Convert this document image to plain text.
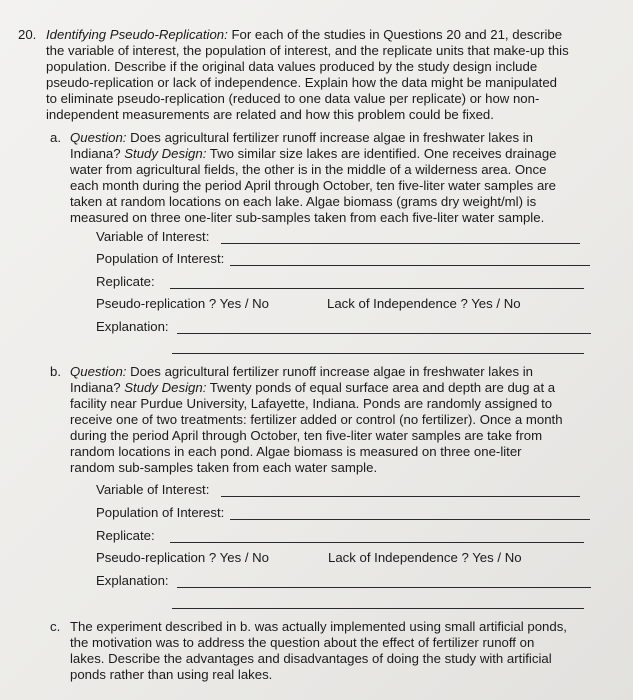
20. Identifying Pseudo-Replication: For each of the studies in Questions 20 and 21, describe
the variable of interest, the population of interest, and the replicate units that make-up this
population. Describe if the original data values produced by the study design include
pseudo-replication or lack of independence. Explain how the data might be manipulated
to eliminate pseudo-replication (reduced to one data value per replicate) or how non-
independent measurements are related and how this problem could be fixed.
a. Question: Does agricultural fertilizer runoff increase algae in freshwater lakes in
Indiana? Study Design: Two similar size lakes are identified. One receives drainage
water from agricultural fields, the other is in the middle of a wilderness area. Once
each month during the period April through October, ten five-liter water samples are
taken at random locations on each lake. Algae biomass (grams dry weight/ml) is
measured on three one-liter sub-samples taken from each five-liter water sample.
Variable of Interest:
Population of Interest:
Replicate:
Pseudo-replication ? Yes / No	Lack of Independence ? Yes / No
Explanation:
b. Question: Does agricultural fertilizer runoff increase algae in freshwater lakes in
Indiana? Study Design: Twenty ponds of equal surface area and depth are dug at a
facility near Purdue University, Lafayette, Indiana. Ponds are randomly assigned to
receive one of two treatments: fertilizer added or control (no fertilizer). Once a month
during the period April through October, ten five-liter water samples are take from
random locations in each pond. Algae biomass is measured on three one-liter
random sub-samples taken from each water sample.
Variable of Interest:
Population of Interest:
Replicate:
Pseudo-replication ? Yes / No	Lack of Independence ? Yes / No
Explanation:
c. The experiment described in b. was actually implemented using small artificial ponds,
the motivation was to address the question about the effect of fertilizer runoff on
lakes. Describe the advantages and disadvantages of doing the study with artificial
ponds rather than using real lakes.
